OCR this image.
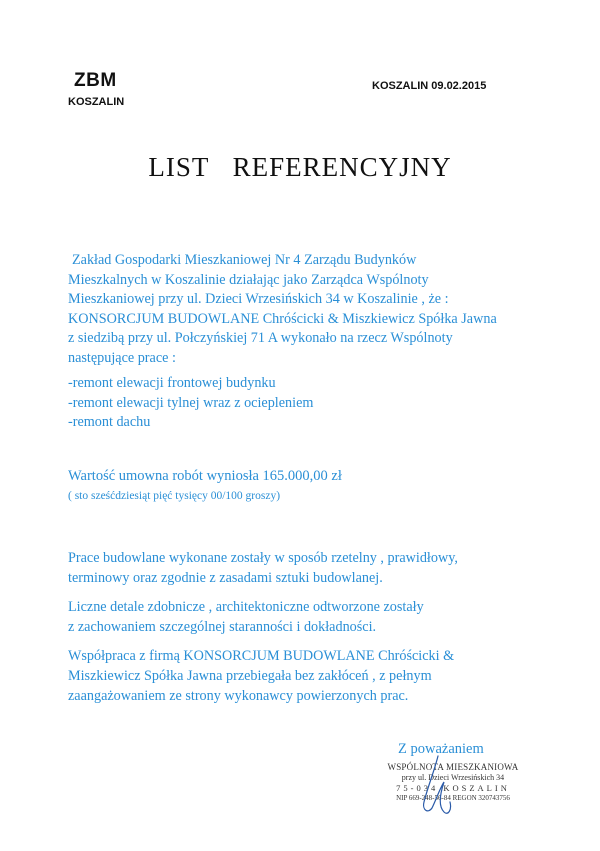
ZBM
KOSZALIN
KOSZALIN 09.02.2015
LIST REFERENCYJNY

Zakład Gospodarki Mieszkaniowej Nr 4 Zarządu Budynków

Mieszkalnych w Koszalinie działając jako Zarządca Wspólnoty

Mieszkaniowej przy ul. Dzieci Wrzesińskich 34 w Koszalinie , że :

KONSORCJUM BUDOWLANE Chróścicki & Miszkiewicz Spółka Jawna

z siedzibą przy ul. Połczyńskiej 71 A wykonało na rzecz Wspólnoty

następujące prace :

-remont elewacji frontowej budynku

-remont elewacji tylnej wraz z ociepleniem

-remont dachu

Wartość umowna robót wyniosła 165.000,00 zł
( sto sześćdziesiąt pięć tysięcy 00/100 groszy)

Prace budowlane wykonane zostały w sposób rzetelny , prawidłowy,

terminowy oraz zgodnie z zasadami sztuki budowlanej.

Liczne detale zdobnicze , architektoniczne odtworzone zostały

z zachowaniem szczególnej staranności i dokładności.

Współpraca z firmą KONSORCJUM BUDOWLANE Chróścicki &

Miszkiewicz Spółka Jawna przebiegała bez zakłóceń , z pełnym

zaangażowaniem ze strony wykonawcy powierzonych prac.

Z poważaniem
WSPÓLNOTA MIESZKANIOWA
przy ul. Dzieci Wrzesińskich 34
75-034 KOSZALIN
NIP 669-248-56-84 REGON 320743756
